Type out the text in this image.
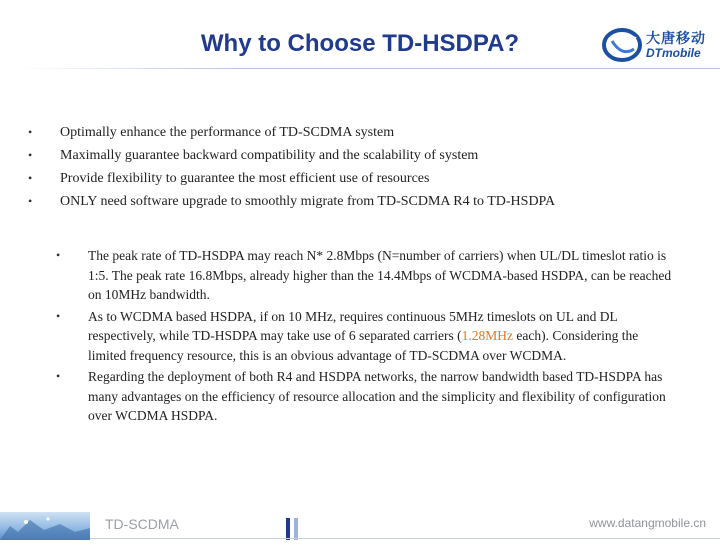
Why to Choose TD-HSDPA?	大唐移动
DTmobile
• Optimally enhance the performance of TD-SCDMA system
• Maximally guarantee backward compatibility and the scalability of system
• Provide flexibility to guarantee the most efficient use of resources
• ONLY need software upgrade to smoothly migrate from TD-SCDMA R4 to TD-HSDPA
• The peak rate of TD-HSDPA may reach N* 2.8Mbps (N=number of carriers) when UL/DL timeslot ratio is 1:5. The peak rate 16.8Mbps, already higher than the 14.4Mbps of WCDMA-based HSDPA, can be reached on 10MHz bandwidth.
• As to WCDMA based HSDPA, if on 10 MHz, requires continuous 5MHz timeslots on UL and DL respectively, while TD-HSDPA may take use of 6 separated carriers (1.28MHz each). Considering the limited frequency resource, this is an obvious advantage of TD-SCDMA over WCDMA.
• Regarding the deployment of both R4 and HSDPA networks, the narrow bandwidth based TD-HSDPA has many advantages on the efficiency of resource allocation and the simplicity and flexibility of configuration over WCDMA HSDPA.
TD-SCDMA	www.datangmobile.cn
